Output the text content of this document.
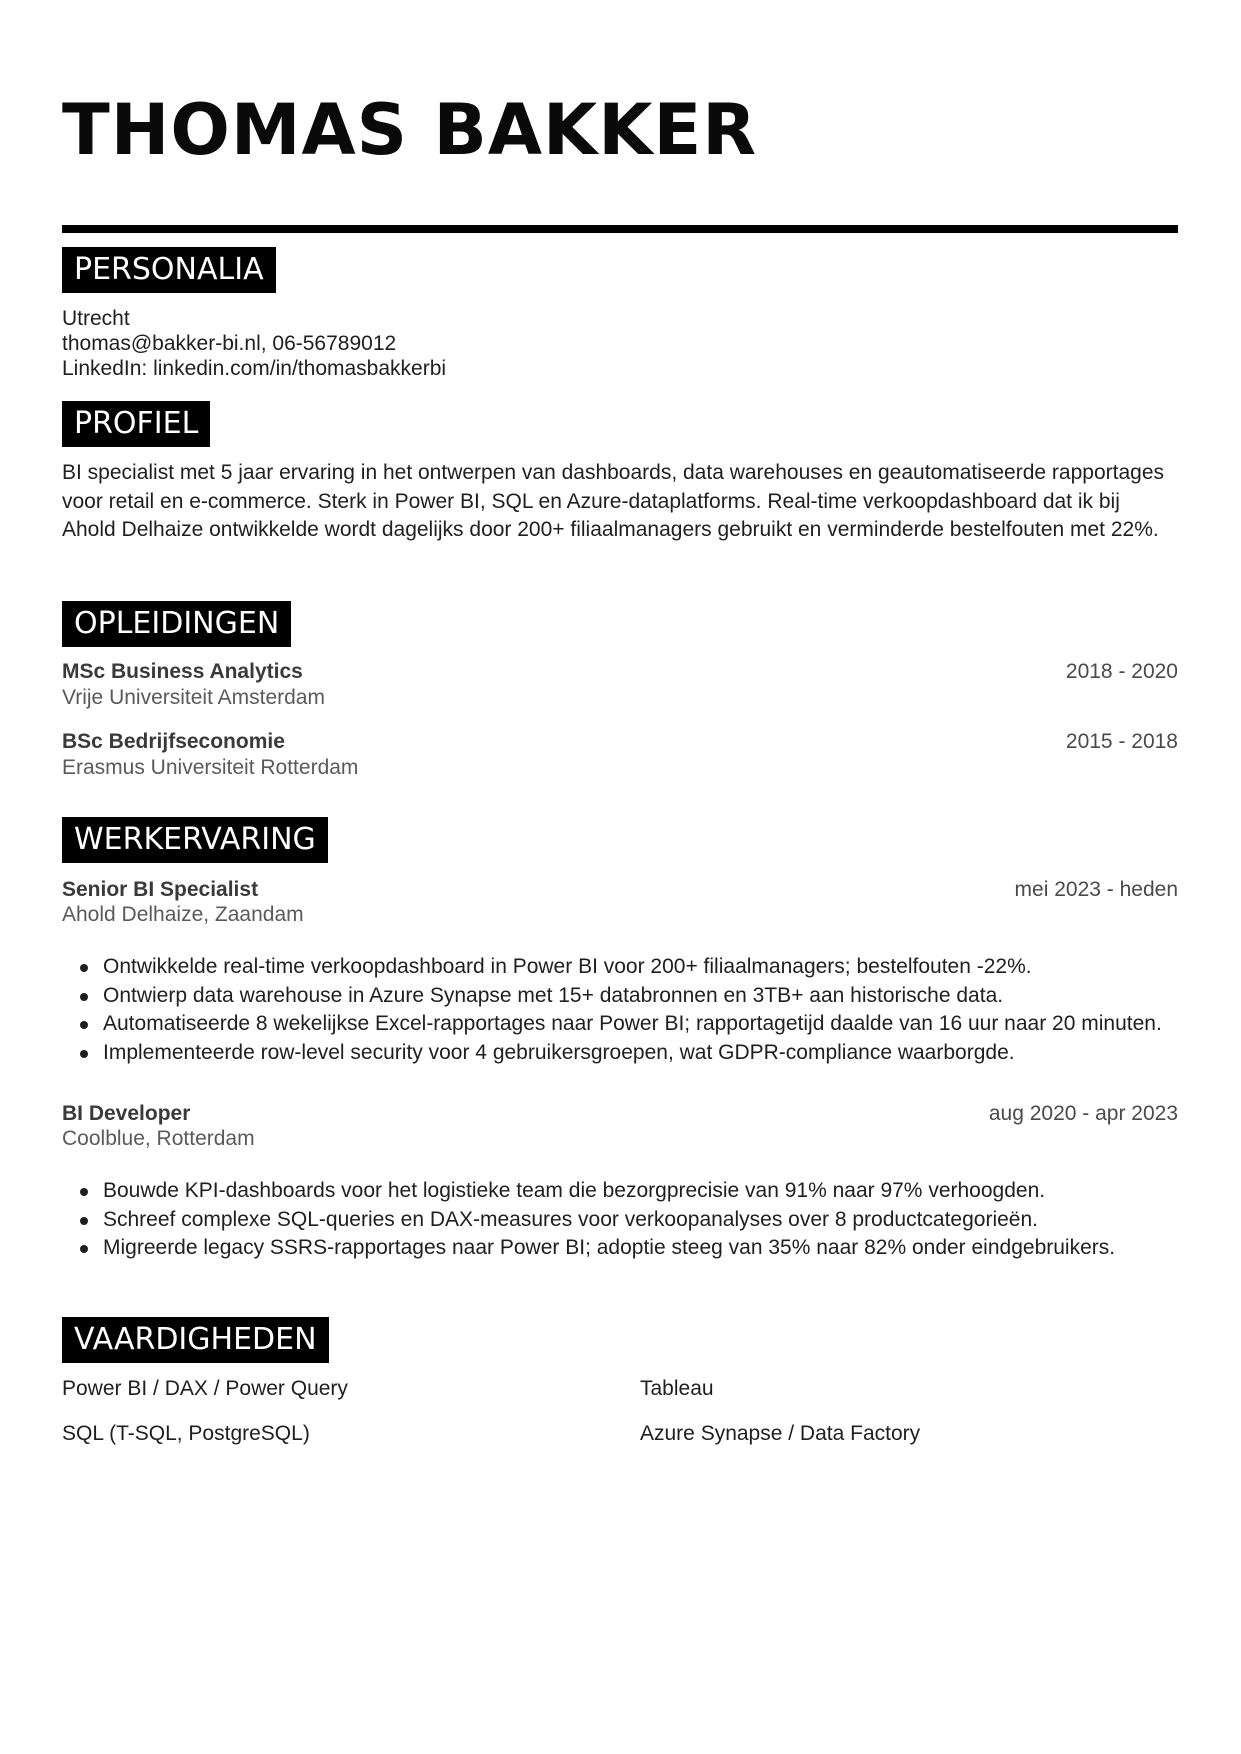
THOMAS BAKKER
PERSONALIA
Utrecht
thomas@bakker-bi.nl, 06-56789012
LinkedIn: linkedin.com/in/thomasbakkerbi
PROFIEL
BI specialist met 5 jaar ervaring in het ontwerpen van dashboards, data warehouses en geautomatiseerde rapportages voor retail en e-commerce. Sterk in Power BI, SQL en Azure-dataplatforms. Real-time verkoopdashboard dat ik bij Ahold Delhaize ontwikkelde wordt dagelijks door 200+ filiaalmanagers gebruikt en verminderde bestelfouten met 22%.
OPLEIDINGEN
MSc Business Analytics	2018 - 2020
Vrije Universiteit Amsterdam
BSc Bedrijfseconomie	2015 - 2018
Erasmus Universiteit Rotterdam
WERKERVARING
Senior BI Specialist	mei 2023 - heden
Ahold Delhaize, Zaandam
Ontwikkelde real-time verkoopdashboard in Power BI voor 200+ filiaalmanagers; bestelfouten -22%.
Ontwierp data warehouse in Azure Synapse met 15+ databronnen en 3TB+ aan historische data.
Automatiseerde 8 wekelijkse Excel-rapportages naar Power BI; rapportagetijd daalde van 16 uur naar 20 minuten.
Implementeerde row-level security voor 4 gebruikersgroepen, wat GDPR-compliance waarborgde.
BI Developer	aug 2020 - apr 2023
Coolblue, Rotterdam
Bouwde KPI-dashboards voor het logistieke team die bezorgprecisie van 91% naar 97% verhoogden.
Schreef complexe SQL-queries en DAX-measures voor verkoopanalyses over 8 productcategorieën.
Migreerde legacy SSRS-rapportages naar Power BI; adoptie steeg van 35% naar 82% onder eindgebruikers.
VAARDIGHEDEN
Power BI / DAX / Power Query	Tableau
SQL (T-SQL, PostgreSQL)	Azure Synapse / Data Factory
